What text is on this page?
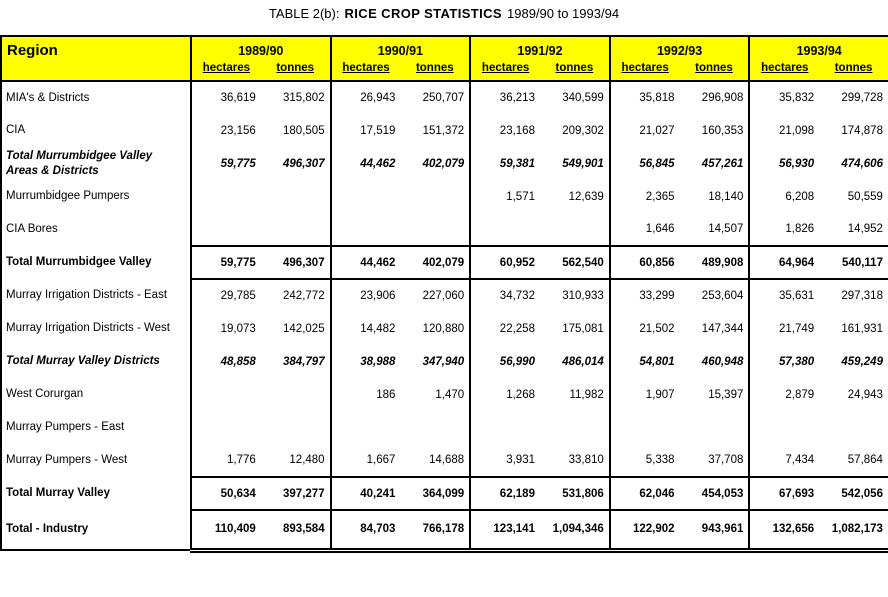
TABLE 2(b): RICE CROP STATISTICS 1989/90 to 1993/94
Region	1989/90		1990/91		1991/92		1992/93		1993/94	
	hectares	tonnes	hectares	tonnes	hectares	tonnes	hectares	tonnes	hectares	tonnes
MIA's & Districts	36,619	315,802	26,943	250,707	36,213	340,599	35,818	296,908	35,832	299,728
CIA	23,156	180,505	17,519	151,372	23,168	209,302	21,027	160,353	21,098	174,878
Total Murrumbidgee Valley Areas & Districts	59,775	496,307	44,462	402,079	59,381	549,901	56,845	457,261	56,930	474,606
Murrumbidgee Pumpers					1,571	12,639	2,365	18,140	6,208	50,559
CIA Bores							1,646	14,507	1,826	14,952
Total Murrumbidgee Valley	59,775	496,307	44,462	402,079	60,952	562,540	60,856	489,908	64,964	540,117
Murray Irrigation Districts - East	29,785	242,772	23,906	227,060	34,732	310,933	33,299	253,604	35,631	297,318
Murray Irrigation Districts - West	19,073	142,025	14,482	120,880	22,258	175,081	21,502	147,344	21,749	161,931
Total Murray Valley Districts	48,858	384,797	38,988	347,940	56,990	486,014	54,801	460,948	57,380	459,249
West Corurgan			186	1,470	1,268	11,982	1,907	15,397	2,879	24,943
Murray Pumpers - East										
Murray Pumpers - West	1,776	12,480	1,667	14,688	3,931	33,810	5,338	37,708	7,434	57,864
Total Murray Valley	50,634	397,277	40,241	364,099	62,189	531,806	62,046	454,053	67,693	542,056
Total - Industry	110,409	893,584	84,703	766,178	123,141	1,094,346	122,902	943,961	132,656	1,082,173
